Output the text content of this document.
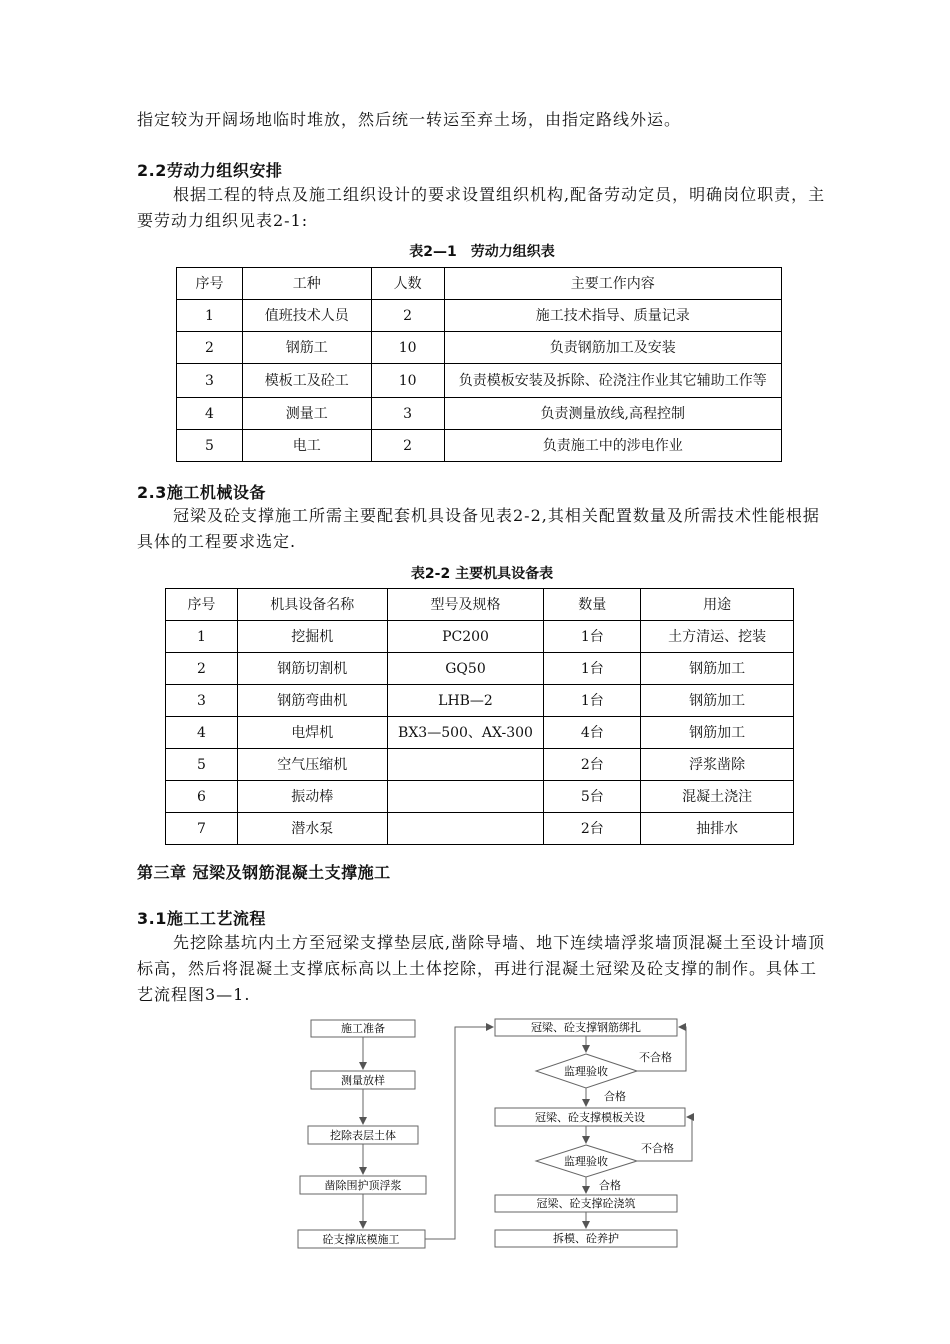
指定较为开阔场地临时堆放，然后统一转运至弃土场，由指定路线外运。
2.2劳动力组织安排
根据工程的特点及施工组织设计的要求设置组织机构,配备劳动定员，明确岗位职责，主要劳动力组织见表2-1:
表2—1　劳动力组织表
序号	工种	人数	主要工作内容
1	值班技术人员	2	施工技术指导、质量记录
2	钢筋工	10	负责钢筋加工及安装
3	模板工及砼工	10	负责模板安装及拆除、砼浇注作业其它辅助工作等
4	测量工	3	负责测量放线,高程控制
5	电工	2	负责施工中的涉电作业
2.3施工机械设备
冠梁及砼支撑施工所需主要配套机具设备见表2-2,其相关配置数量及所需技术性能根据具体的工程要求选定.
表2-2 主要机具设备表
序号	机具设备名称	型号及规格	数量	用途
1	挖掘机	PC200	1台	土方清运、挖装
2	钢筋切割机	GQ50	1台	钢筋加工
3	钢筋弯曲机	LHB—2	1台	钢筋加工
4	电焊机	BX3—500、AX-300	4台	钢筋加工
5	空气压缩机		2台	浮浆凿除
6	振动棒		5台	混凝土浇注
7	潜水泵		2台	抽排水
第三章 冠梁及钢筋混凝土支撑施工
3.1施工工艺流程
先挖除基坑内土方至冠梁支撑垫层底,凿除导墙、地下连续墙浮浆墙顶混凝土至设计墙顶标高，然后将混凝土支撑底标高以上土体挖除，再进行混凝土冠梁及砼支撑的制作。具体工艺流程图3—1.
施工准备
测量放样
挖除表层土体
凿除围护顶浮浆
砼支撑底模施工
冠梁、砼支撑钢筋绑扎
监理验收
不合格
合格
冠梁、砼支撑模板关设
监理验收
不合格
合格
冠梁、砼支撑砼浇筑
拆模、砼养护
